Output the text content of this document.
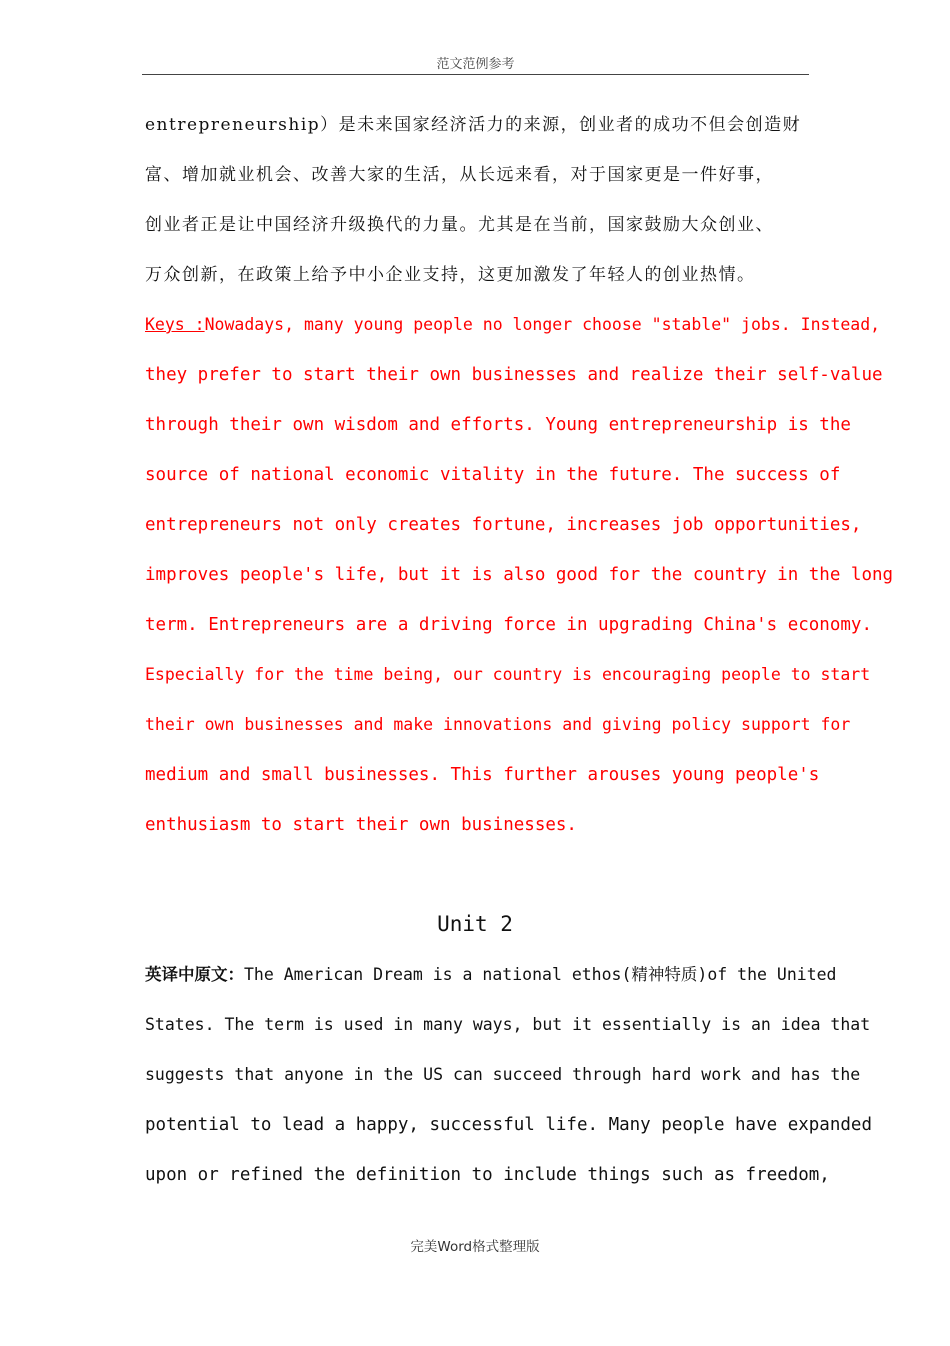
范文范例参考
entrepreneurship）是未来国家经济活力的来源，创业者的成功不但会创造财
富、增加就业机会、改善大家的生活，从长远来看，对于国家更是一件好事，
创业者正是让中国经济升级换代的力量。尤其是在当前，国家鼓励大众创业、
万众创新，在政策上给予中小企业支持，这更加激发了年轻人的创业热情。
Keys :Nowadays, many young people no longer choose "stable" jobs. Instead,
they prefer to start their own businesses and realize their self-value
through their own wisdom and efforts. Young entrepreneurship is the
source of national economic vitality in the future. The success of
entrepreneurs not only creates fortune, increases job opportunities,
improves people's life, but it is also good for the country in the long
term. Entrepreneurs are a driving force in upgrading China's economy.
Especially for the time being, our country is encouraging people to start
their own businesses and make innovations and giving policy support for
medium and small businesses. This further arouses young people's
enthusiasm to start their own businesses.
Unit 2
英译中原文：The American Dream is a national ethos(精神特质)of the United
States. The term is used in many ways, but it essentially is an idea that
suggests that anyone in the US can succeed through hard work and has the
potential to lead a happy, successful life. Many people have expanded
upon or refined the definition to include things such as freedom,
完美Word格式整理版
